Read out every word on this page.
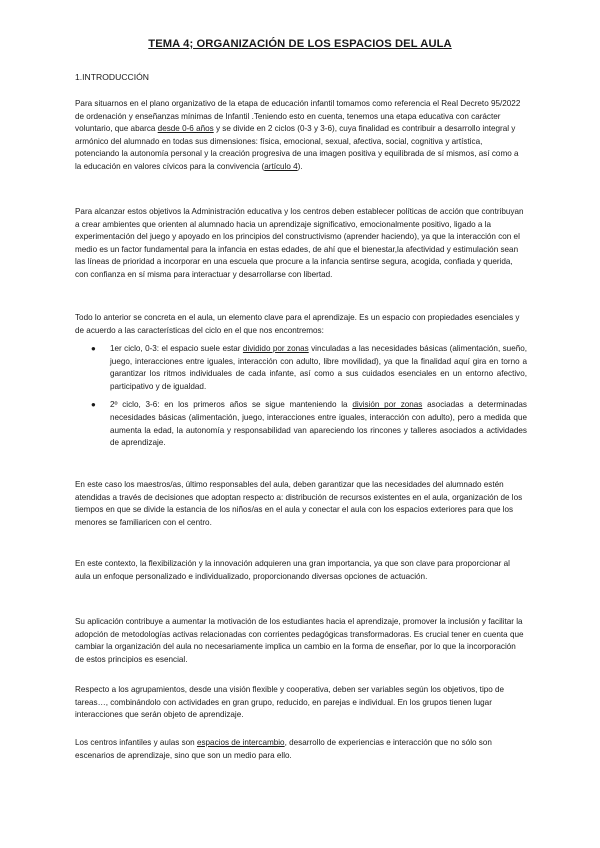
TEMA 4; ORGANIZACIÓN DE LOS ESPACIOS DEL AULA
1.INTRODUCCIÓN

Para situarnos en el plano organizativo de la etapa de educación infantil tomamos como referencia el Real Decreto 95/2022 de ordenación y enseñanzas mínimas de Infantil .Teniendo esto en cuenta, tenemos una etapa educativa con carácter voluntario, que abarca desde 0-6 años y se divide en 2 ciclos (0-3 y 3-6), cuya finalidad es contribuir a desarrollo integral y armónico del alumnado en todas sus dimensiones: física, emocional, sexual, afectiva, social, cognitiva y artística, potenciando la autonomía personal y la creación progresiva de una imagen positiva y equilibrada de sí mismos, así como a la educación en valores cívicos para la convivencia (artículo 4).

Para alcanzar estos objetivos la Administración educativa y los centros deben establecer políticas de acción que contribuyan a crear ambientes que orienten al alumnado hacia un aprendizaje significativo, emocionalmente positivo, ligado a la experimentación del juego y apoyado en los principios del constructivismo (aprender haciendo), ya que la interacción con el medio es un factor fundamental para la infancia en estas edades, de ahí que el bienestar,la afectividad y estimulación sean las líneas de prioridad a incorporar en una escuela que procure a la infancia sentirse segura, acogida, confiada y querida, con confianza en sí misma para interactuar y desarrollarse con libertad.

Todo lo anterior se concreta en el aula, un elemento clave para el aprendizaje. Es un espacio con propiedades esenciales y de acuerdo a las características del ciclo en el que nos encontremos:

● 1er ciclo, 0-3: el espacio suele estar dividido por zonas vinculadas a las necesidades básicas (alimentación, sueño, juego, interacciones entre iguales, interacción con adulto, libre movilidad), ya que la finalidad aquí gira en torno a garantizar los ritmos individuales de cada infante, así como a sus cuidados esenciales en un entorno afectivo, participativo y de igualdad.
● 2º ciclo, 3-6: en los primeros años se sigue manteniendo la división por zonas asociadas a determinadas necesidades básicas (alimentación, juego, interacciones entre iguales, interacción con adulto), pero a medida que aumenta la edad, la autonomía y responsabilidad van apareciendo los rincones y talleres asociados a actividades de aprendizaje.

En este caso los maestros/as, último responsables del aula, deben garantizar que las necesidades del alumnado estén atendidas a través de decisiones que adoptan respecto a: distribución de recursos existentes en el aula, organización de los tiempos en que se divide la estancia de los niños/as en el aula y conectar el aula con los espacios exteriores para que los menores se familiaricen con el centro.

En este contexto, la flexibilización y la innovación adquieren una gran importancia, ya que son clave para proporcionar al aula un enfoque personalizado e individualizado, proporcionando diversas opciones de actuación.

Su aplicación contribuye a aumentar la motivación de los estudiantes hacia el aprendizaje, promover la inclusión y facilitar la adopción de metodologías activas relacionadas con corrientes pedagógicas transformadoras. Es crucial tener en cuenta que cambiar la organización del aula no necesariamente implica un cambio en la forma de enseñar, por lo que la incorporación de estos principios es esencial.

Respecto a los agrupamientos, desde una visión flexible y cooperativa, deben ser variables según los objetivos, tipo de tareas…, combinándolo con actividades en gran grupo, reducido, en parejas e individual. En los grupos tienen lugar interacciones que serán objeto de aprendizaje.

Los centros infantiles y aulas son espacios de intercambio, desarrollo de experiencias e interacción que no sólo son escenarios de aprendizaje, sino que son un medio para ello.
